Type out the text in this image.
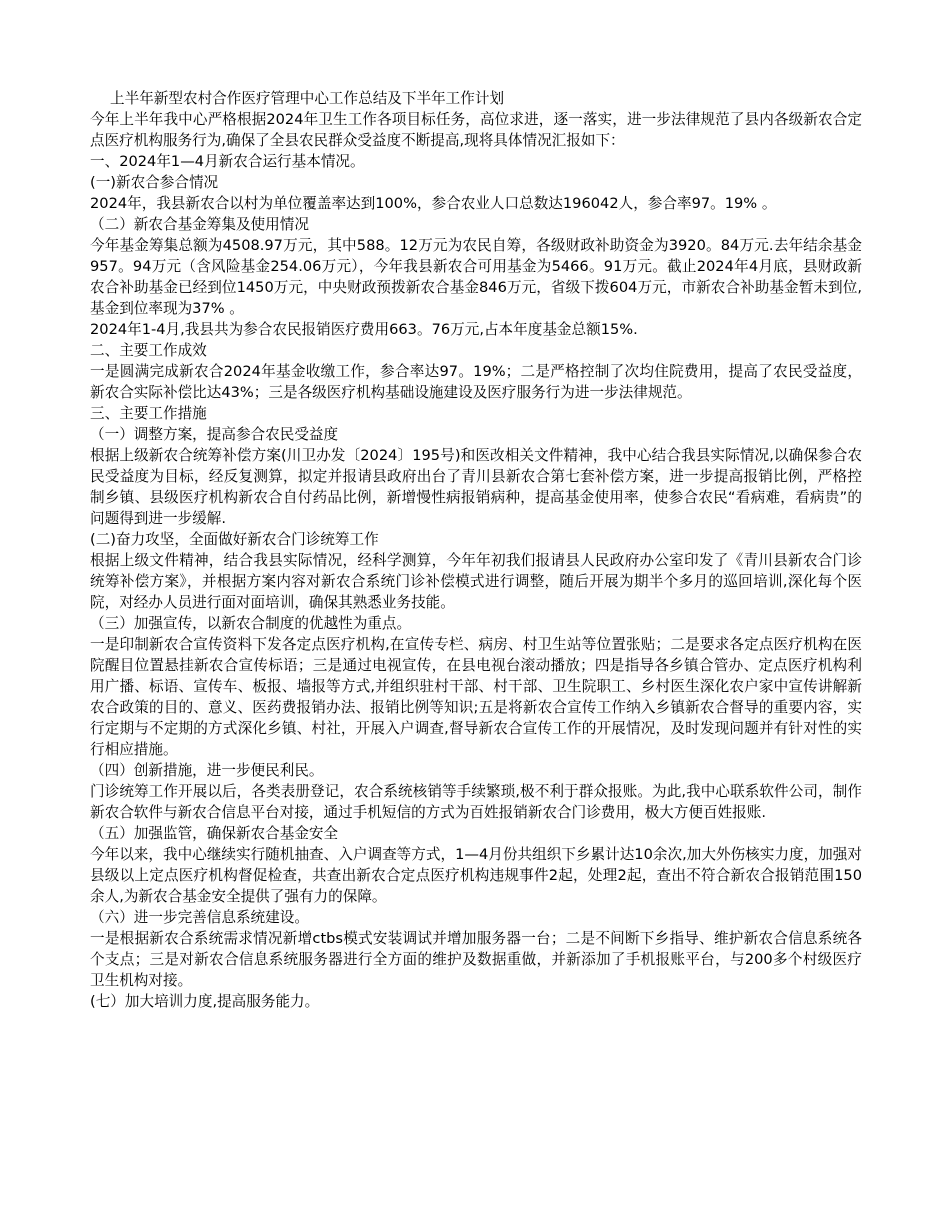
上半年新型农村合作医疗管理中心工作总结及下半年工作计划

今年上半年我中心严格根据2024年卫生工作各项目标任务，高位求进，逐一落实，进一步法律规范了县内各级新农合定点医疗机构服务行为,确保了全县农民群众受益度不断提高,现将具体情况汇报如下：

一、2024年1—4月新农合运行基本情况。

(一)新农合参合情况

2024年，我县新农合以村为单位覆盖率达到100%，参合农业人口总数达196042人，参合率97。19% 。

（二）新农合基金筹集及使用情况

今年基金筹集总额为4508.97万元，其中588。12万元为农民自筹，各级财政补助资金为3920。84万元.去年结余基金957。94万元（含风险基金254.06万元），今年我县新农合可用基金为5466。91万元。截止2024年4月底，县财政新农合补助基金已经到位1450万元，中央财政预拨新农合基金846万元，省级下拨604万元，市新农合补助基金暂未到位,基金到位率现为37% 。

2024年1-4月,我县共为参合农民报销医疗费用663。76万元,占本年度基金总额15%.

二、主要工作成效

一是圆满完成新农合2024年基金收缴工作，参合率达97。19%；二是严格控制了次均住院费用，提高了农民受益度，新农合实际补偿比达43%；三是各级医疗机构基础设施建设及医疗服务行为进一步法律规范。

三、主要工作措施

（一）调整方案，提高参合农民受益度

根据上级新农合统筹补偿方案(川卫办发〔2024〕195号)和医改相关文件精神，我中心结合我县实际情况,以确保参合农民受益度为目标，经反复测算，拟定并报请县政府出台了青川县新农合第七套补偿方案，进一步提高报销比例，严格控制乡镇、县级医疗机构新农合自付药品比例，新增慢性病报销病种，提高基金使用率，使参合农民“看病难，看病贵”的问题得到进一步缓解.

(二)奋力攻坚，全面做好新农合门诊统筹工作

根据上级文件精神，结合我县实际情况，经科学测算，今年年初我们报请县人民政府办公室印发了《青川县新农合门诊统筹补偿方案》，并根据方案内容对新农合系统门诊补偿模式进行调整，随后开展为期半个多月的巡回培训,深化每个医院，对经办人员进行面对面培训，确保其熟悉业务技能。

（三）加强宣传，以新农合制度的优越性为重点。

一是印制新农合宣传资料下发各定点医疗机构,在宣传专栏、病房、村卫生站等位置张贴；二是要求各定点医疗机构在医院醒目位置悬挂新农合宣传标语；三是通过电视宣传，在县电视台滚动播放；四是指导各乡镇合管办、定点医疗机构利用广播、标语、宣传车、板报、墙报等方式,并组织驻村干部、村干部、卫生院职工、乡村医生深化农户家中宣传讲解新农合政策的目的、意义、医药费报销办法、报销比例等知识;五是将新农合宣传工作纳入乡镇新农合督导的重要内容，实行定期与不定期的方式深化乡镇、村社，开展入户调查,督导新农合宣传工作的开展情况，及时发现问题并有针对性的实行相应措施。

（四）创新措施，进一步便民利民。

门诊统筹工作开展以后，各类表册登记，农合系统核销等手续繁琐,极不利于群众报账。为此,我中心联系软件公司，制作新农合软件与新农合信息平台对接，通过手机短信的方式为百姓报销新农合门诊费用，极大方便百姓报账.

（五）加强监管，确保新农合基金安全

今年以来，我中心继续实行随机抽查、入户调查等方式，1—4月份共组织下乡累计达10余次,加大外伤核实力度，加强对县级以上定点医疗机构督促检查，共查出新农合定点医疗机构违规事件2起，处理2起，查出不符合新农合报销范围150余人,为新农合基金安全提供了强有力的保障。

（六）进一步完善信息系统建设。

一是根据新农合系统需求情况新增ctbs模式安装调试并增加服务器一台；二是不间断下乡指导、维护新农合信息系统各个支点；三是对新农合信息系统服务器进行全方面的维护及数据重做，并新添加了手机报账平台，与200多个村级医疗卫生机构对接。

(七）加大培训力度,提高服务能力。
